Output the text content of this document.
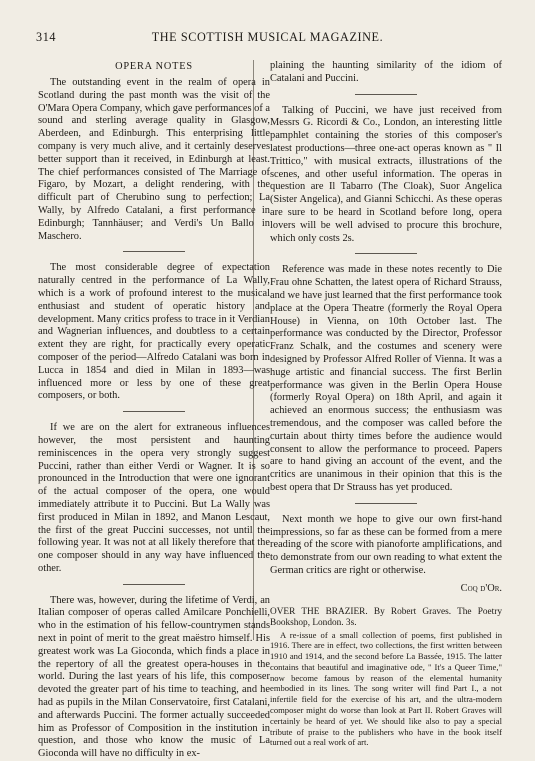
314	THE SCOTTISH MUSICAL MAGAZINE.
OPERA NOTES

The outstanding event in the realm of opera in Scotland during the past month was the visit of the O'Mara Opera Company, which gave performances of a sound and sterling average quality in Glasgow, Aberdeen, and Edinburgh. This enterprising little company is very much alive, and it certainly deserves better support than it received, in Edinburgh at least. The chief performances consisted of The Marriage of Figaro, by Mozart, a delight rendering, with the difficult part of Cherubino sung to perfection; La Wally, by Alfredo Catalani, a first performance in Edinburgh; Tannhäuser; and Verdi's Un Ballo in Maschero.

The most considerable degree of expectation naturally centred in the performance of La Wally, which is a work of profound interest to the musical enthusiast and student of operatic history and development. Many critics profess to trace in it Verdian and Wagnerian influences, and doubtless to a certain extent they are right, for practically every operatic composer of the period—Alfredo Catalani was born in Lucca in 1854 and died in Milan in 1893—was influenced more or less by one of these great composers, or both.

If we are on the alert for extraneous influences however, the most persistent and haunting reminiscences in the opera very strongly suggest Puccini, rather than either Verdi or Wagner. It is so pronounced in the Introduction that were one ignorant of the actual composer of the opera, one would immediately attribute it to Puccini. But La Wally was first produced in Milan in 1892, and Manon Lescaut, the first of the great Puccini successes, not until the following year. It was not at all likely therefore that the one composer should in any way have influenced the other.

There was, however, during the lifetime of Verdi, an Italian composer of operas called Amilcare Ponchielli, who in the estimation of his fellow-countrymen stands next in point of merit to the great maëstro himself. His greatest work was La Gioconda, which finds a place in the repertory of all the greatest opera-houses in the world. During the last years of his life, this composer devoted the greater part of his time to teaching, and he had as pupils in the Milan Conservatoire, first Catalani, and afterwards Puccini. The former actually succeeded him as Professor of Composition in the institution in question, and those who know the music of La Gioconda will have no difficulty in ex-

plaining the haunting similarity of the idiom of Catalani and Puccini.

Talking of Puccini, we have just received from Messrs G. Ricordi & Co., London, an interesting little pamphlet containing the stories of this composer's latest productions—three one-act operas known as " Il Trittico," with musical extracts, illustrations of the scenes, and other useful information. The operas in question are Il Tabarro (The Cloak), Suor Angelica (Sister Angelica), and Gianni Schicchi. As these operas are sure to be heard in Scotland before long, opera lovers will be well advised to procure this brochure, which only costs 2s.

Reference was made in these notes recently to Die Frau ohne Schatten, the latest opera of Richard Strauss, and we have just learned that the first performance took place at the Opera Theatre (formerly the Royal Opera House) in Vienna, on 10th October last. The performance was conducted by the Director, Professor Franz Schalk, and the costumes and scenery were designed by Professor Alfred Roller of Vienna. It was a huge artistic and financial success. The first Berlin performance was given in the Berlin Opera House (formerly Royal Opera) on 18th April, and again it achieved an enormous success; the enthusiasm was tremendous, and the composer was called before the curtain about thirty times before the audience would consent to allow the performance to proceed. Papers are to hand giving an account of the event, and the critics are unanimous in their opinion that this is the best opera that Dr Strauss has yet produced.

Next month we hope to give our own first-hand impressions, so far as these can be formed from a mere reading of the score with pianoforte amplifications, and to demonstrate from our own reading to what extent the German critics are right or otherwise.

Coq d'Or.
OVER THE BRAZIER. By Robert Graves. The Poetry Bookshop, London. 3s.

A re-issue of a small collection of poems, first published in 1916. There are in effect, two collections, the first written between 1910 and 1914, and the second before La Bassée, 1915. The latter contains that beautiful and imaginative ode, " It's a Queer Time," now become famous by reason of the elemental humanity embodied in its lines. The song writer will find Part I., a not infertile field for the exercise of his art, and the ultra-modern composer might do worse than look at Part II. Robert Graves will certainly be heard of yet. We should like also to pay a special tribute of praise to the publishers who have in the book itself turned out a real work of art.
